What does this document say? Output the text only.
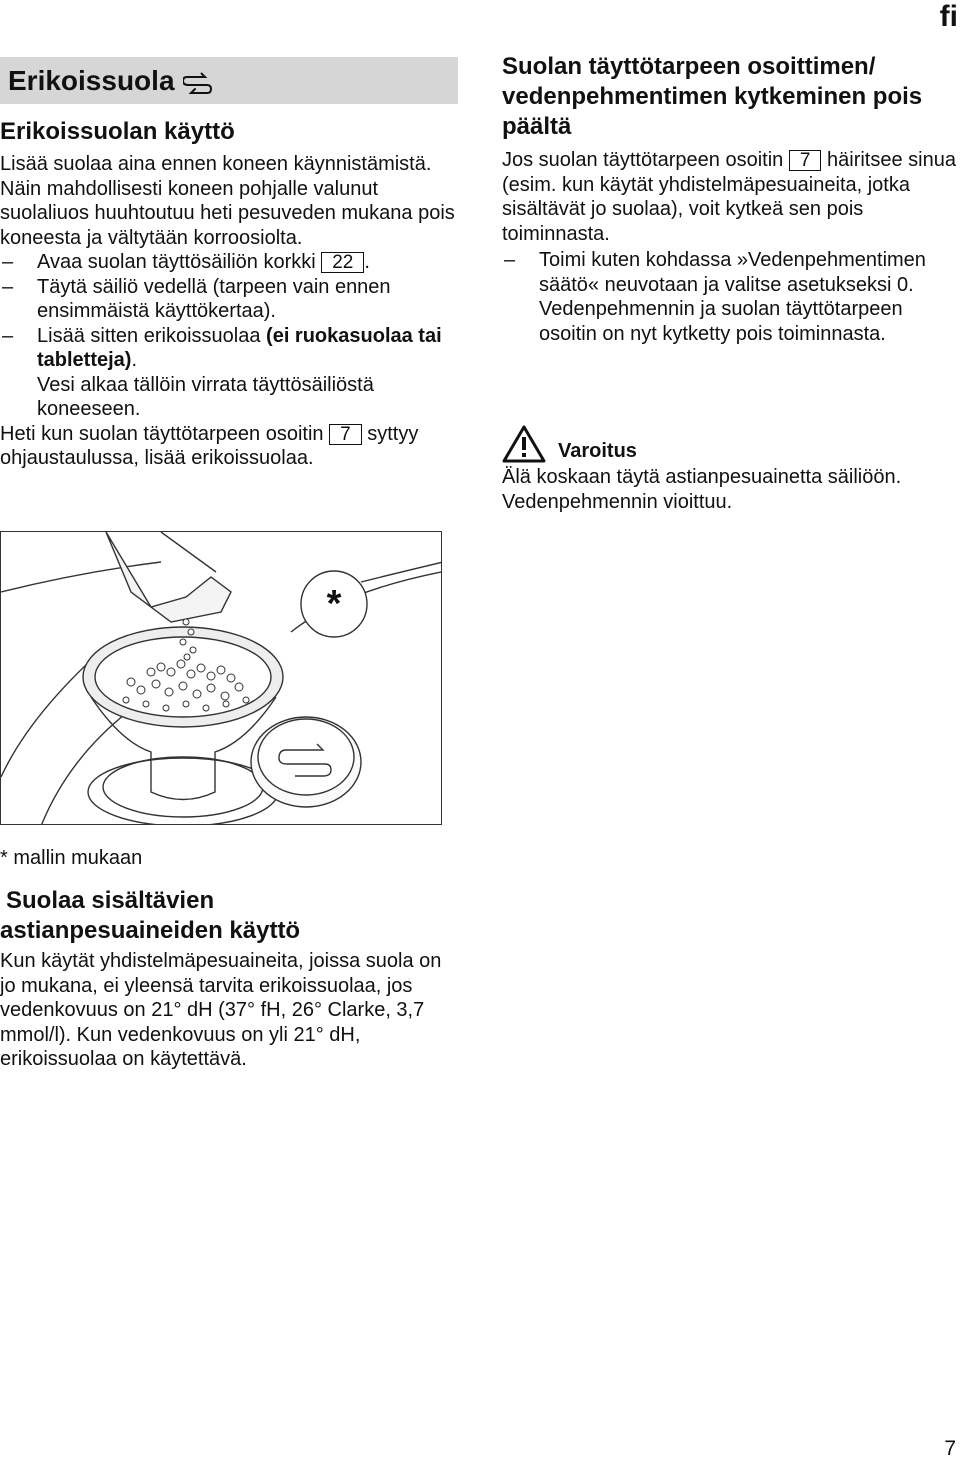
fi
Erikoissuola
Erikoissuolan käyttö

Lisää suolaa aina ennen koneen käynnistämistä. Näin mahdollisesti koneen pohjalle valunut suolaliuos huuhtoutuu heti pesuveden mukana pois koneesta ja vältytään korroosiolta.

– Avaa suolan täyttösäiliön korkki 22 .
– Täytä säiliö vedellä (tarpeen vain ennen ensimmäistä käyttökertaa).
– Lisää sitten erikoissuolaa (ei ruokasuolaa tai tabletteja).

Vesi alkaa tällöin virrata täyttösäiliöstä koneeseen.

Heti kun suolan täyttötarpeen osoitin 7 syttyy ohjaustaulussa, lisää erikoissuolaa.

*

* mallin mukaan

Suolaa sisältävien
astianpesuaineiden käyttö

Kun käytät yhdistelmäpesuaineita, joissa suola on jo mukana, ei yleensä tarvita erikoissuolaa, jos vedenkovuus on 21° dH (37° fH, 26° Clarke, 3,7 mmol/l). Kun vedenkovuus on yli 21° dH, erikoissuolaa on käytettävä.

Suolan täyttötarpeen osoittimen/ vedenpehmentimen kytkeminen pois päältä

Jos suolan täyttötarpeen osoitin 7 häiritsee sinua (esim. kun käytät yhdistelmäpesuaineita, jotka sisältävät jo suolaa), voit kytkeä sen pois toiminnasta.

– Toimi kuten kohdassa »Vedenpehmentimen säätö« neuvotaan ja valitse asetukseksi 0.

Vedenpehmennin ja suolan täyttötarpeen osoitin on nyt kytketty pois toiminnasta.

Varoitus

Älä koskaan täytä astianpesuainetta säiliöön. Vedenpehmennin vioittuu.

7
